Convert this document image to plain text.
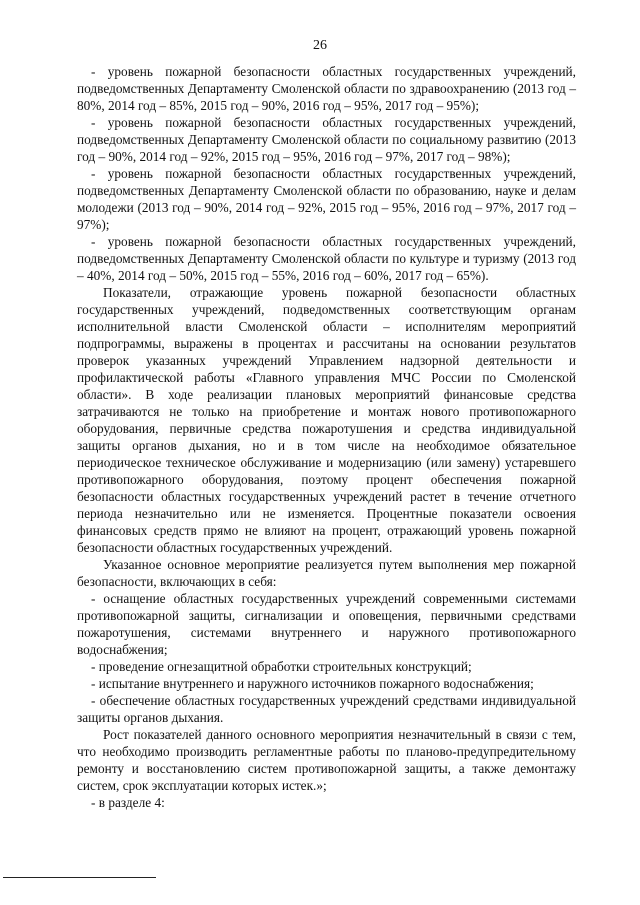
26

- уровень пожарной безопасности областных государственных учреждений, подведомственных Департаменту Смоленской области по здравоохранению (2013 год – 80%, 2014 год – 85%, 2015 год – 90%, 2016 год – 95%, 2017 год – 95%);

- уровень пожарной безопасности областных государственных учреждений, подведомственных Департаменту Смоленской области по социальному развитию (2013 год – 90%, 2014 год – 92%, 2015 год – 95%, 2016 год – 97%, 2017 год – 98%);

- уровень пожарной безопасности областных государственных учреждений, подведомственных Департаменту Смоленской области по образованию, науке и делам молодежи (2013 год – 90%, 2014 год – 92%, 2015 год – 95%, 2016 год – 97%, 2017 год – 97%);

- уровень пожарной безопасности областных государственных учреждений, подведомственных Департаменту Смоленской области по культуре и туризму (2013 год – 40%, 2014 год – 50%, 2015 год – 55%, 2016 год – 60%, 2017 год – 65%).

Показатели, отражающие уровень пожарной безопасности областных государственных учреждений, подведомственных соответствующим органам исполнительной власти Смоленской области – исполнителям мероприятий подпрограммы, выражены в процентах и рассчитаны на основании результатов проверок указанных учреждений Управлением надзорной деятельности и профилактической работы «Главного управления МЧС России по Смоленской области». В ходе реализации плановых мероприятий финансовые средства затрачиваются не только на приобретение и монтаж нового противопожарного оборудования, первичные средства пожаротушения и средства индивидуальной защиты органов дыхания, но и в том числе на необходимое обязательное периодическое техническое обслуживание и модернизацию (или замену) устаревшего противопожарного оборудования, поэтому процент обеспечения пожарной безопасности областных государственных учреждений растет в течение отчетного периода незначительно или не изменяется. Процентные показатели освоения финансовых средств прямо не влияют на процент, отражающий уровень пожарной безопасности областных государственных учреждений.

Указанное основное мероприятие реализуется путем выполнения мер пожарной безопасности, включающих в себя:

- оснащение областных государственных учреждений современными системами противопожарной защиты, сигнализации и оповещения, первичными средствами пожаротушения, системами внутреннего и наружного противопожарного водоснабжения;

- проведение огнезащитной обработки строительных конструкций;

- испытание внутреннего и наружного источников пожарного водоснабжения;

- обеспечение областных государственных учреждений средствами индивидуальной защиты органов дыхания.

Рост показателей данного основного мероприятия незначительный в связи с тем, что необходимо производить регламентные работы по планово-предупредительному ремонту и восстановлению систем противопожарной защиты, а также демонтажу систем, срок эксплуатации которых истек.»;

- в разделе 4:
